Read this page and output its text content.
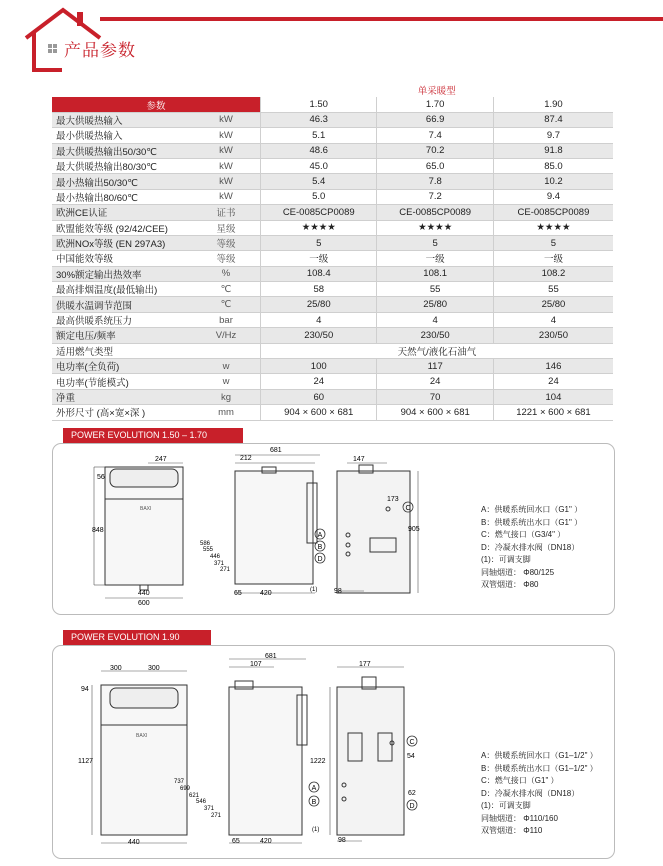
产品参数
		单采暖型		
参数		1.50	1.70	1.90
最大供暖热输入	kW	46.3	66.9	87.4
最小供暖热输入	kW	5.1	7.4	9.7
最大供暖热输出50/30℃	kW	48.6	70.2	91.8
最大供暖热输出80/30℃	kW	45.0	65.0	85.0
最小热输出50/30℃	kW	5.4	7.8	10.2
最小热输出80/60℃	kW	5.0	7.2	9.4
欧洲CE认证	证书	CE-0085CP0089	CE-0085CP0089	CE-0085CP0089
欧盟能效等级 (92/42/CEE)	星级	★★★★	★★★★	★★★★
欧洲NOx等级 (EN 297A3)	等级	5	5	5
中国能效等级	等级	一级	一级	一级
30%额定输出热效率	%	108.4	108.1	108.2
最高排烟温度(最低输出)	℃	58	55	55
供暖水温调节范围	℃	25/80	25/80	25/80
最高供暖系统压力	bar	4	4	4
额定电压/频率	V/Hz	230/50	230/50	230/50
适用燃气类型		天然气/液化石油气		
电功率(全负荷)	w	100	117	146
电功率(节能模式)	w	24	24	24
净重	kg	60	70	104
外形尺寸 (高×宽×深 )	mm	904 × 600 × 681	904 × 600 × 681	1221 × 600 × 681
POWER EVOLUTION 1.50 – 1.70
BAXI
247
56
848
440
600
212
681
65	420
586
555
446
371
271
147
173
905
(1) 98
A
B
D
C	A：供暖系统回水口（G1" ）
B：供暖系统出水口（G1" ）
C：燃气接口（G3/4" ）
D：冷凝水排水阀（DN18）
(1)：可调支脚
同轴烟道： Φ80/125
双管烟道： Φ80
POWER EVOLUTION 1.90
BAXI
300	300
94
1127
440
107
681
65	420
737
699
621
546
371
271
177
1222
54
62
(1)
98
A
B
C
D
A：供暖系统回水口（G1–1/2" ）
B：供暖系统出水口（G1–1/2" ）
C：燃气接口（G1" ）
D：冷凝水排水阀（DN18）
(1)：可调支脚
同轴烟道： Φ110/160
双管烟道： Φ110
